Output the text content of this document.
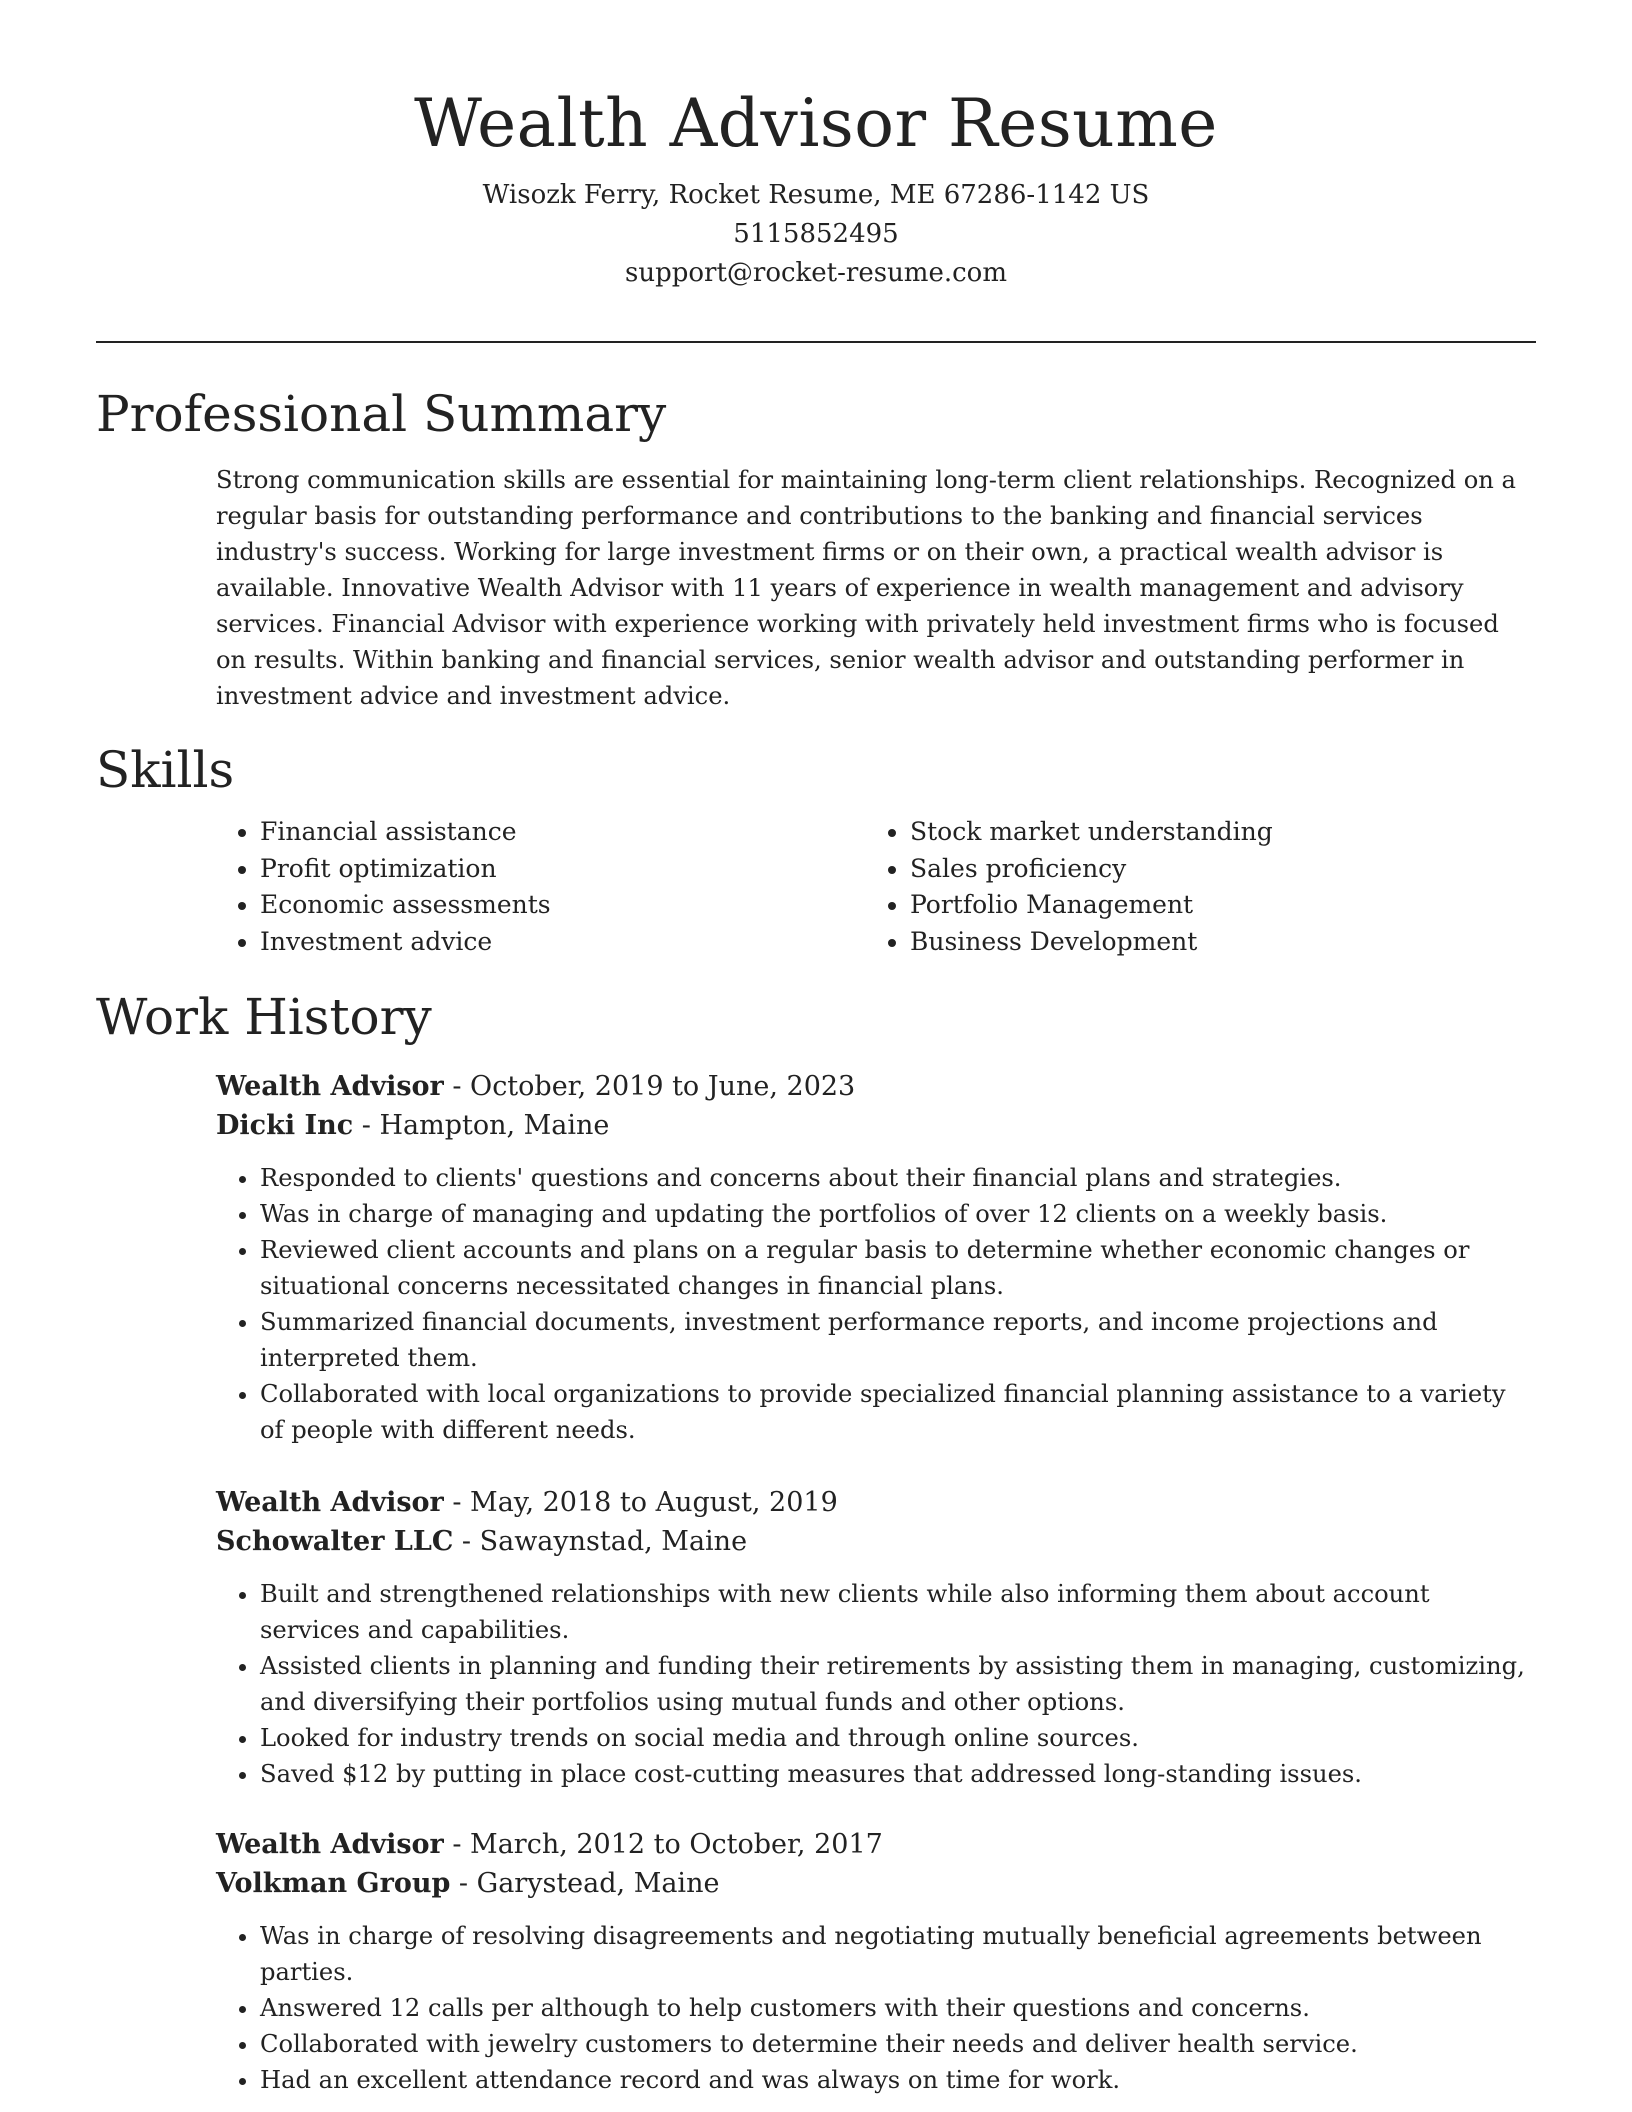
Wealth Advisor Resume

Wisozk Ferry, Rocket Resume, ME 67286-1142 US

5115852495

support@rocket-resume.com

Professional Summary

Strong communication skills are essential for maintaining long-term client relationships. Recognized on a regular basis for outstanding performance and contributions to the banking and financial services industry's success. Working for large investment firms or on their own, a practical wealth advisor is available. Innovative Wealth Advisor with 11 years of experience in wealth management and advisory services. Financial Advisor with experience working with privately held investment firms who is focused on results. Within banking and financial services, senior wealth advisor and outstanding performer in investment advice and investment advice.

Skills
• Financial assistance
• Profit optimization
• Economic assessments
• Investment advice
• Stock market understanding
• Sales proficiency
• Portfolio Management
• Business Development
Work History

Wealth Advisor - October, 2019 to June, 2023

Dicki Inc - Hampton, Maine

• Responded to clients' questions and concerns about their financial plans and strategies.
• Was in charge of managing and updating the portfolios of over 12 clients on a weekly basis.
• Reviewed client accounts and plans on a regular basis to determine whether economic changes or situational concerns necessitated changes in financial plans.
• Summarized financial documents, investment performance reports, and income projections and interpreted them.
• Collaborated with local organizations to provide specialized financial planning assistance to a variety of people with different needs.

Wealth Advisor - May, 2018 to August, 2019

Schowalter LLC - Sawaynstad, Maine

• Built and strengthened relationships with new clients while also informing them about account services and capabilities.
• Assisted clients in planning and funding their retirements by assisting them in managing, customizing, and diversifying their portfolios using mutual funds and other options.
• Looked for industry trends on social media and through online sources.
• Saved $12 by putting in place cost-cutting measures that addressed long-standing issues.

Wealth Advisor - March, 2012 to October, 2017

Volkman Group - Garystead, Maine

• Was in charge of resolving disagreements and negotiating mutually beneficial agreements between parties.
• Answered 12 calls per although to help customers with their questions and concerns.
• Collaborated with jewelry customers to determine their needs and deliver health service.
• Had an excellent attendance record and was always on time for work.
